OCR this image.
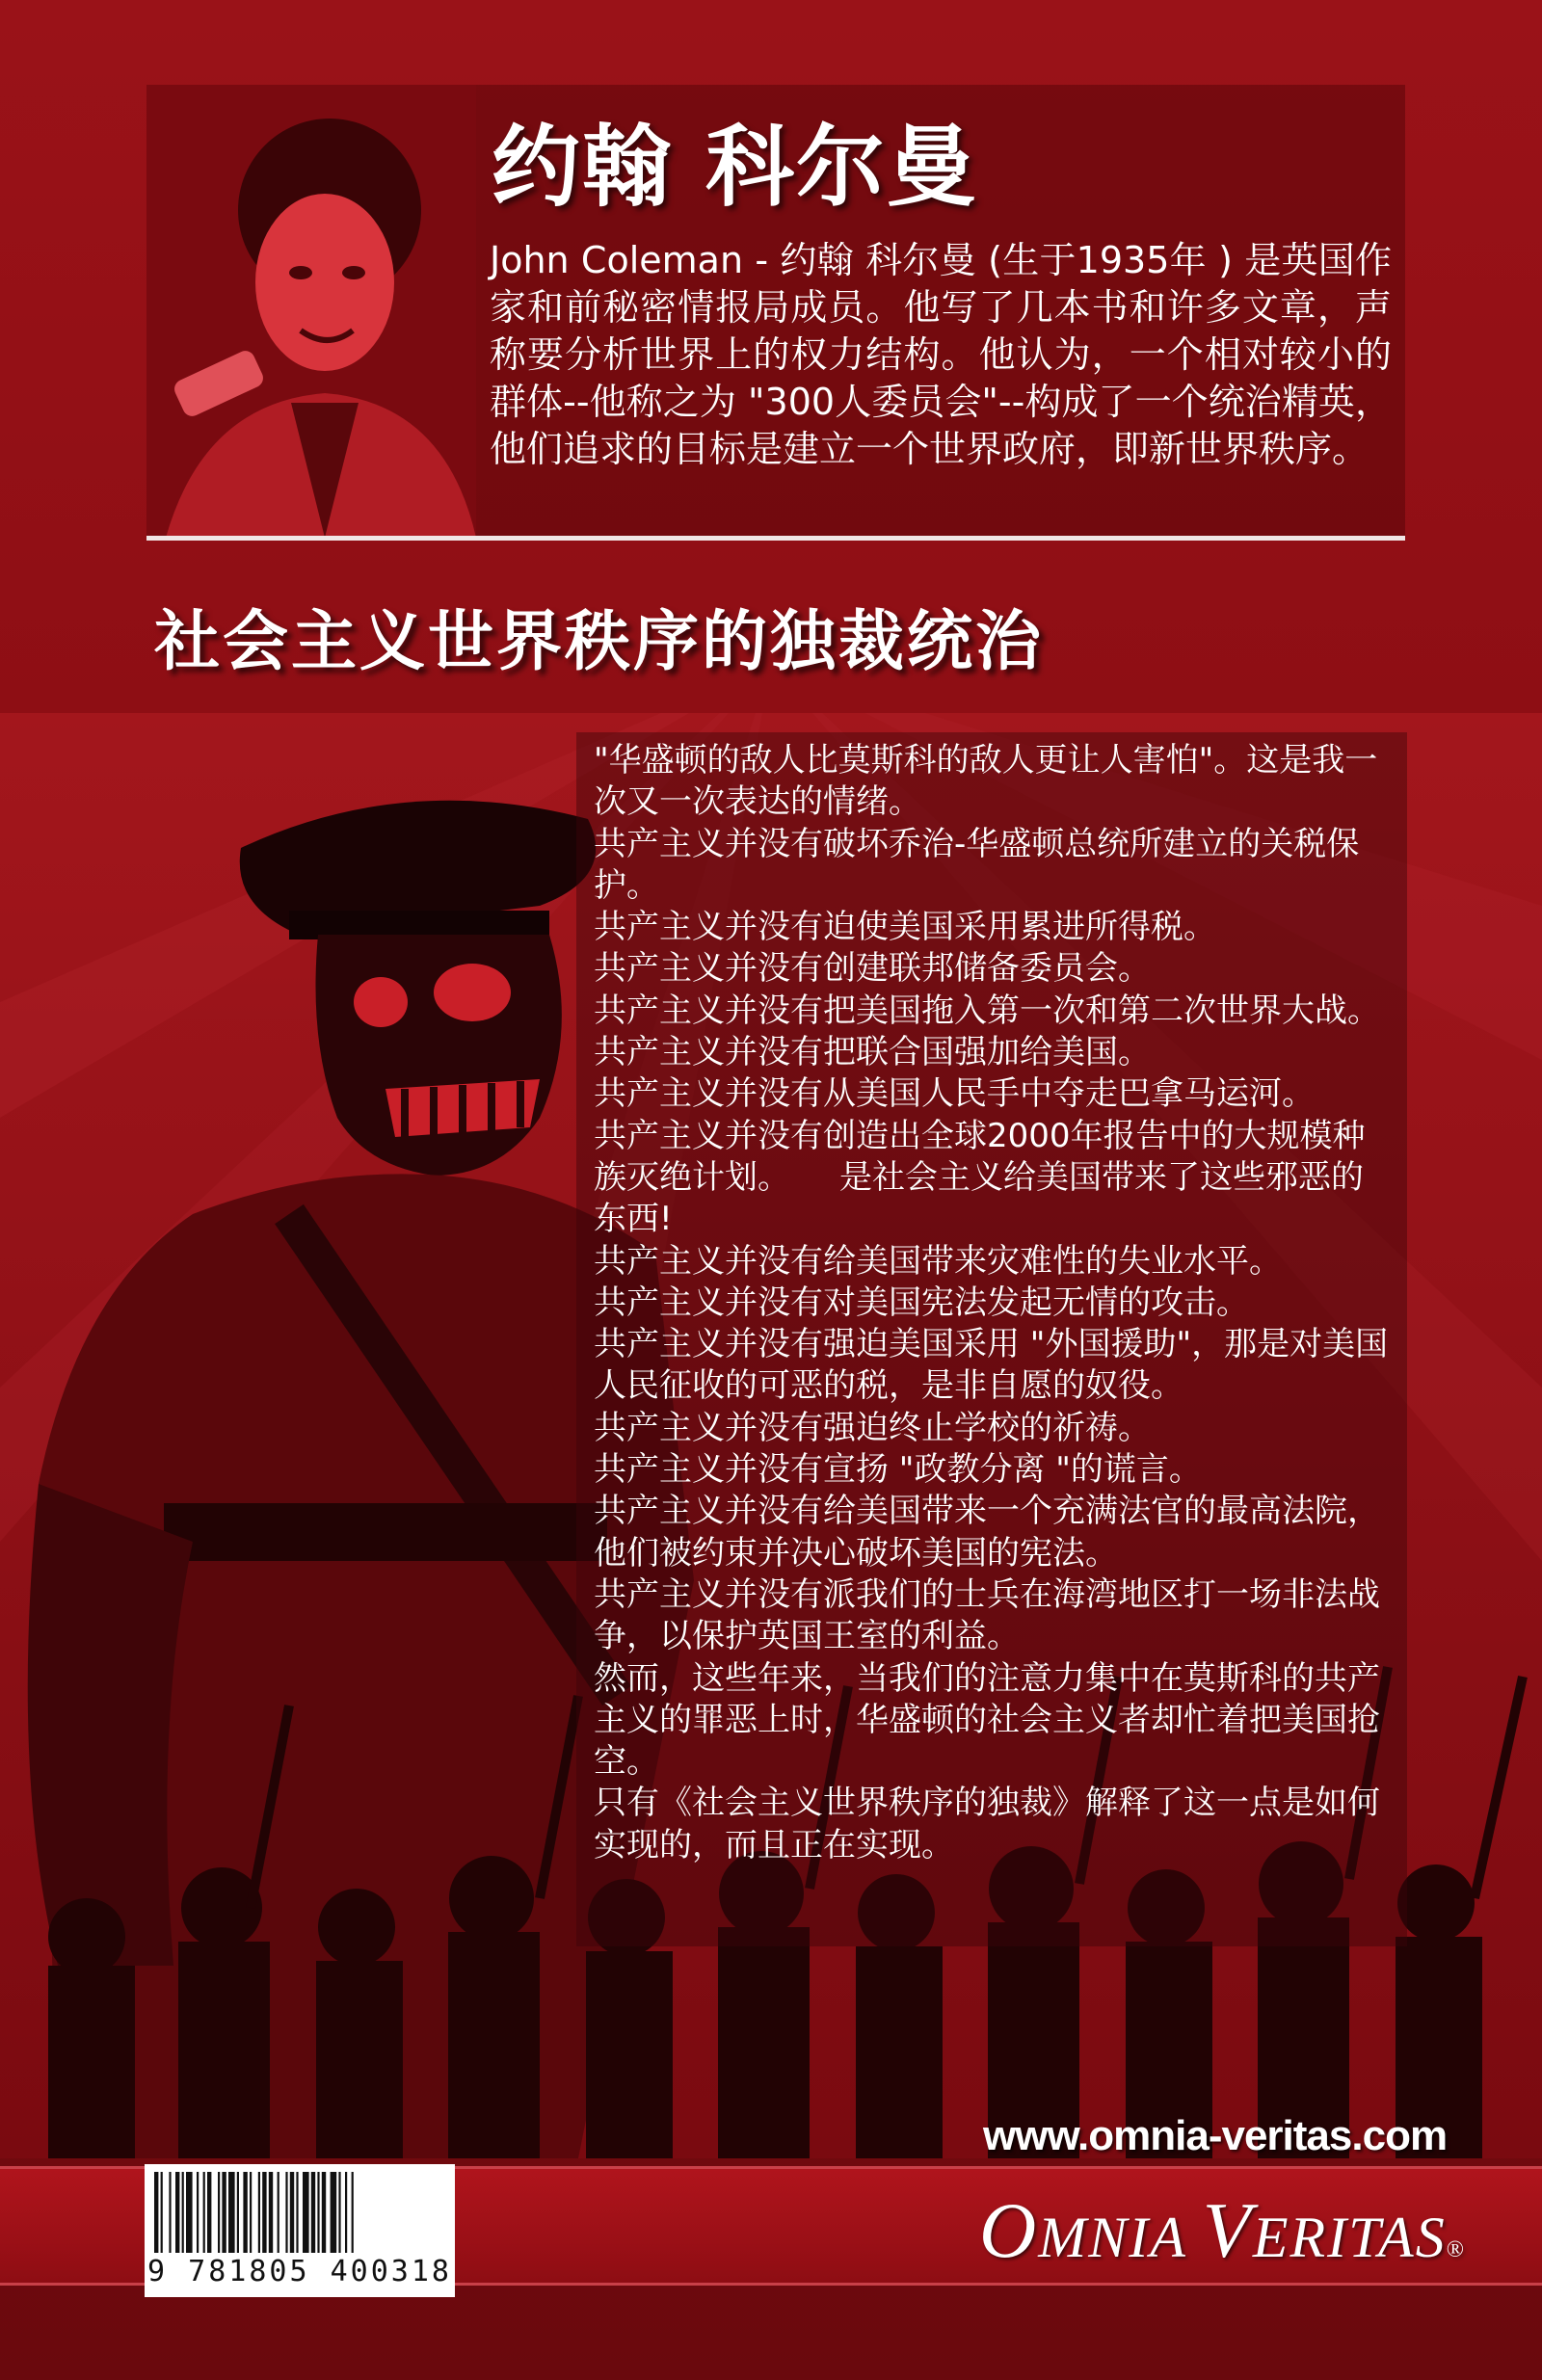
约翰 科尔曼

John Coleman - 约翰 科尔曼 (生于1935年 ) 是英国作家和前秘密情报局成员。他写了几本书和许多文章，声称要分析世界上的权力结构。他认为，一个相对较小的群体--他称之为 "300人委员会"--构成了一个统治精英，他们追求的目标是建立一个世界政府，即新世界秩序。

社会主义世界秩序的独裁统治

"华盛顿的敌人比莫斯科的敌人更让人害怕"。这是我一次又一次表达的情绪。

共产主义并没有破坏乔治-华盛顿总统所建立的关税保护。

共产主义并没有迫使美国采用累进所得税。

共产主义并没有创建联邦储备委员会。

共产主义并没有把美国拖入第一次和第二次世界大战。

共产主义并没有把联合国强加给美国。

共产主义并没有从美国人民手中夺走巴拿马运河。

共产主义并没有创造出全球2000年报告中的大规模种族灭绝计划。　　是社会主义给美国带来了这些邪恶的东西!

共产主义并没有给美国带来灾难性的失业水平。

共产主义并没有对美国宪法发起无情的攻击。

共产主义并没有强迫美国采用 "外国援助"，那是对美国人民征收的可恶的税，是非自愿的奴役。

共产主义并没有强迫终止学校的祈祷。

共产主义并没有宣扬 "政教分离 "的谎言。

共产主义并没有给美国带来一个充满法官的最高法院，他们被约束并决心破坏美国的宪法。

共产主义并没有派我们的士兵在海湾地区打一场非法战争，以保护英国王室的利益。

然而，这些年来，当我们的注意力集中在莫斯科的共产主义的罪恶上时，华盛顿的社会主义者却忙着把美国抢空。

只有《社会主义世界秩序的独裁》解释了这一点是如何实现的，而且正在实现。

www.omnia-veritas.com

9 781805 400318	OMNIA VERITAS®
